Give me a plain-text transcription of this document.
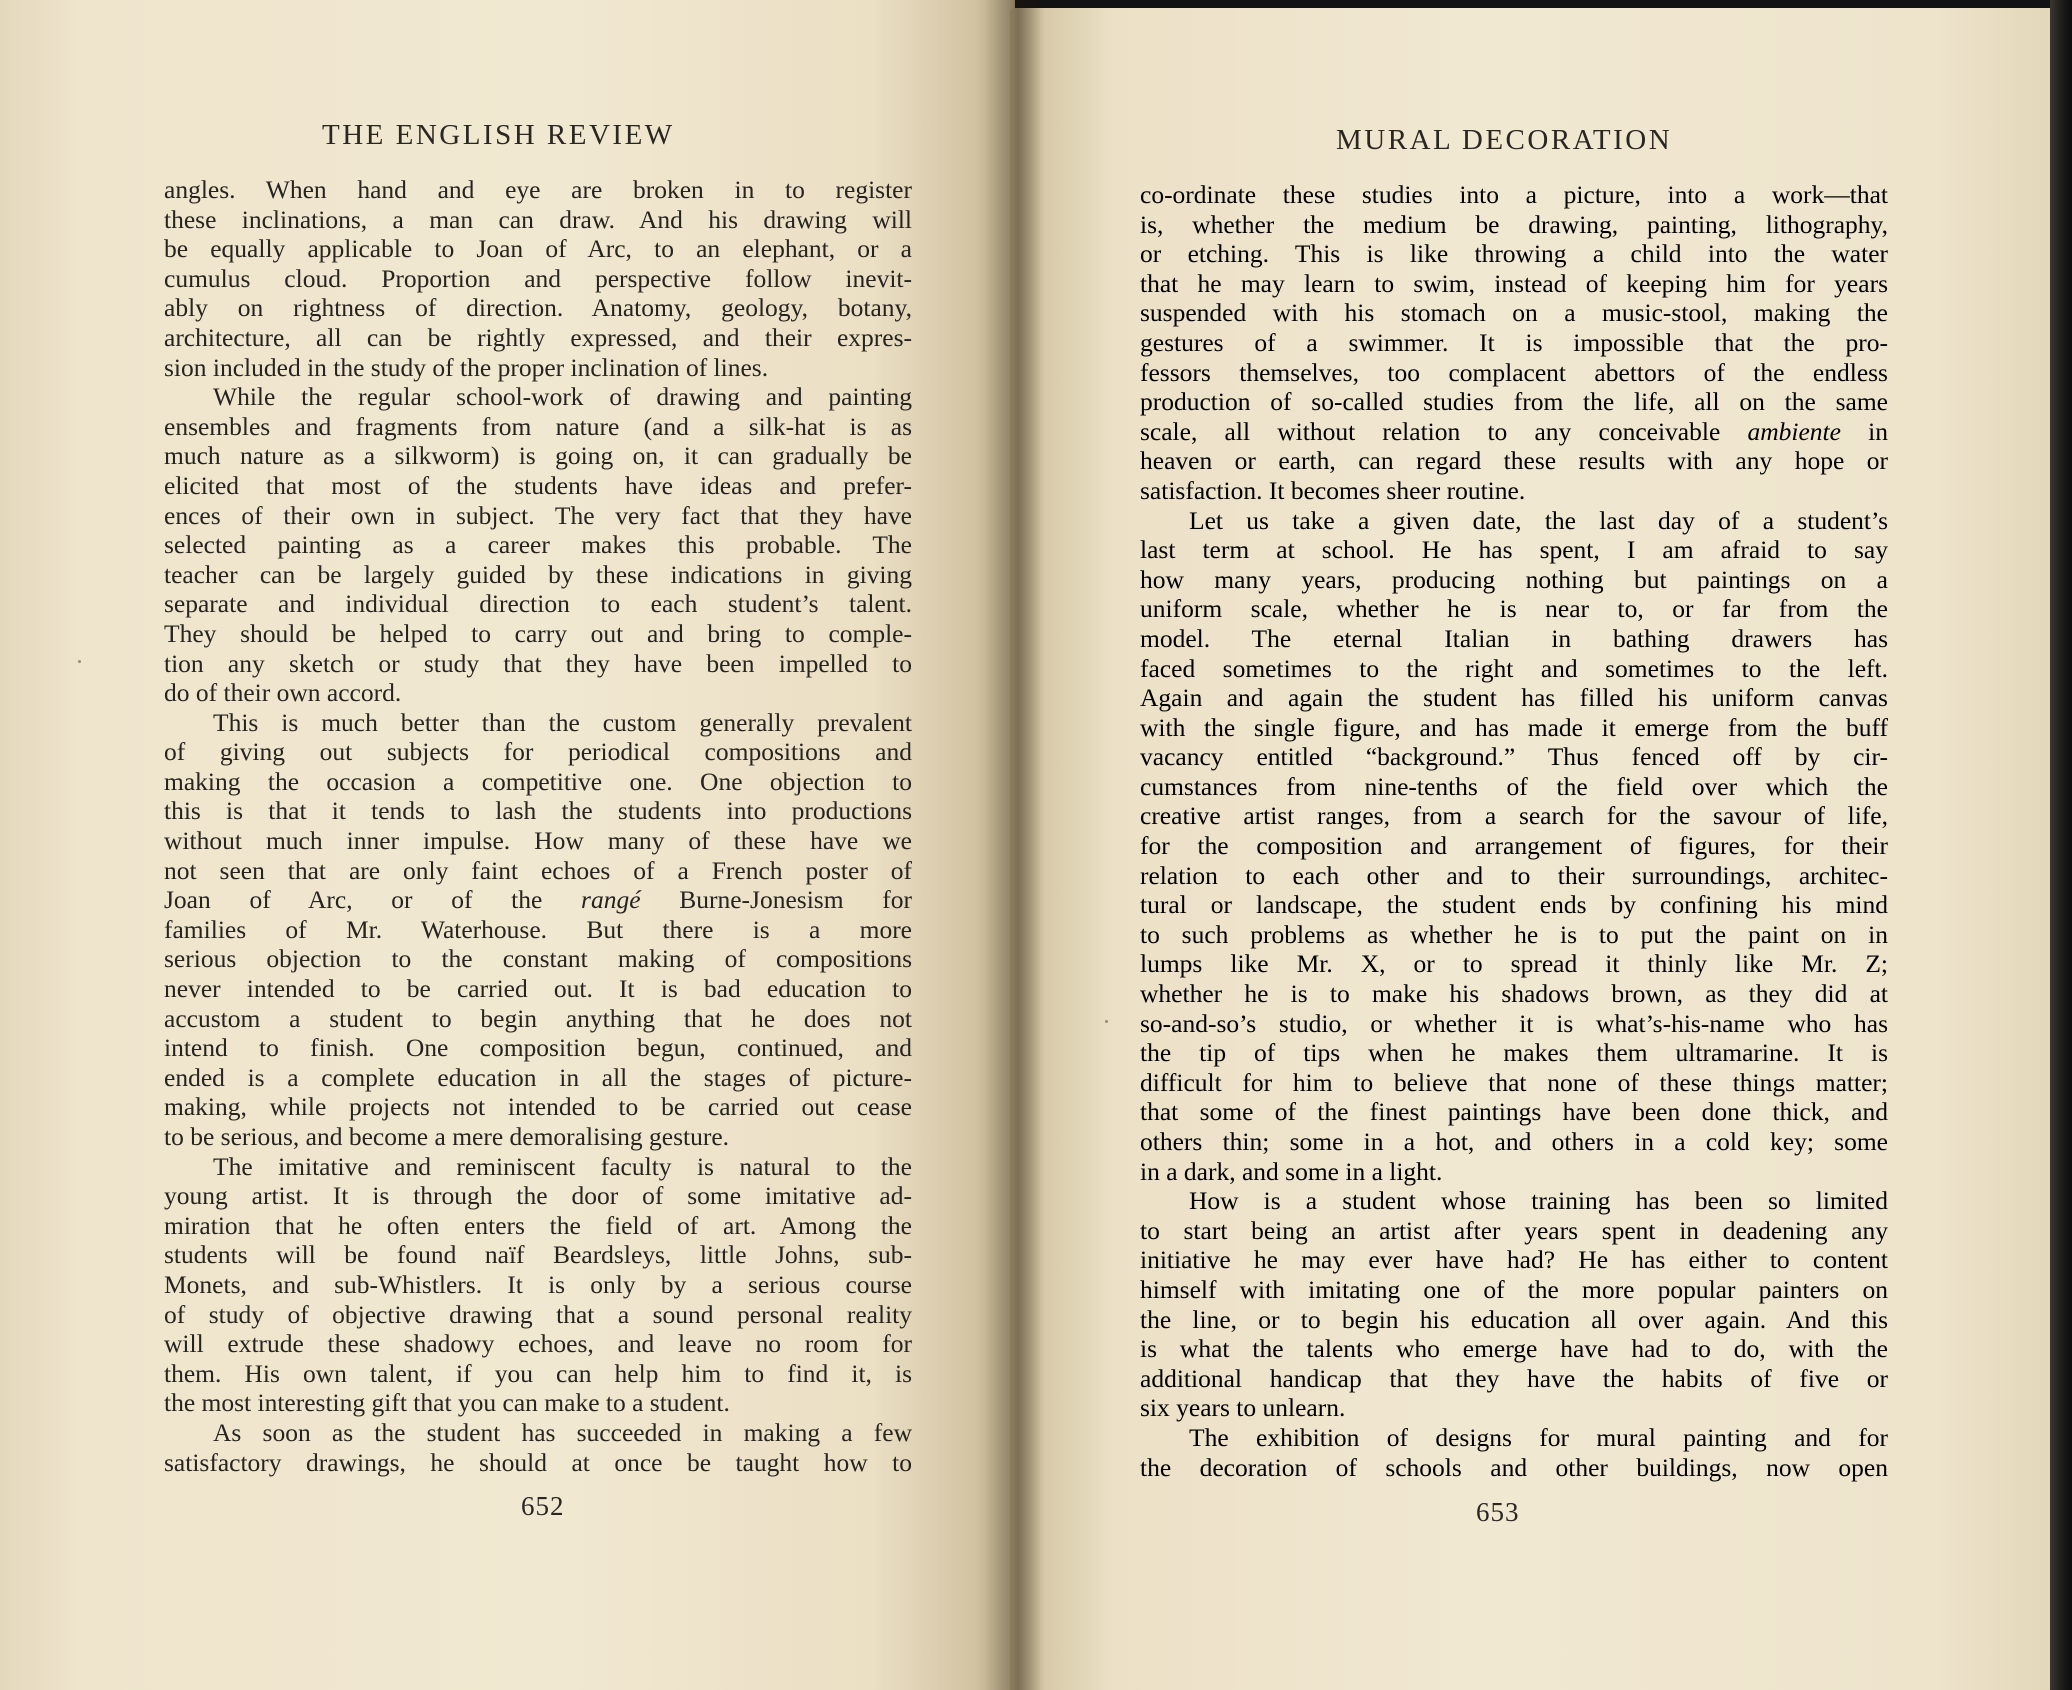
THE ENGLISH REVIEW
angles. When hand and eye are broken in to register
these inclinations, a man can draw. And his drawing will
be equally applicable to Joan of Arc, to an elephant, or a
cumulus cloud. Proportion and perspective follow inevit-
ably on rightness of direction. Anatomy, geology, botany,
architecture, all can be rightly expressed, and their expres-
sion included in the study of the proper inclination of lines.
While the regular school-work of drawing and painting
ensembles and fragments from nature (and a silk-hat is as
much nature as a silkworm) is going on, it can gradually be
elicited that most of the students have ideas and prefer-
ences of their own in subject. The very fact that they have
selected painting as a career makes this probable. The
teacher can be largely guided by these indications in giving
separate and individual direction to each student’s talent.
They should be helped to carry out and bring to comple-
tion any sketch or study that they have been impelled to
do of their own accord.
This is much better than the custom generally prevalent
of giving out subjects for periodical compositions and
making the occasion a competitive one. One objection to
this is that it tends to lash the students into productions
without much inner impulse. How many of these have we
not seen that are only faint echoes of a French poster of
Joan of Arc, or of the rangé Burne-Jonesism for
families of Mr. Waterhouse. But there is a more
serious objection to the constant making of compositions
never intended to be carried out. It is bad education to
accustom a student to begin anything that he does not
intend to finish. One composition begun, continued, and
ended is a complete education in all the stages of picture-
making, while projects not intended to be carried out cease
to be serious, and become a mere demoralising gesture.
The imitative and reminiscent faculty is natural to the
young artist. It is through the door of some imitative ad-
miration that he often enters the field of art. Among the
students will be found naïf Beardsleys, little Johns, sub-
Monets, and sub-Whistlers. It is only by a serious course
of study of objective drawing that a sound personal reality
will extrude these shadowy echoes, and leave no room for
them. His own talent, if you can help him to find it, is
the most interesting gift that you can make to a student.
As soon as the student has succeeded in making a few
satisfactory drawings, he should at once be taught how to
652
MURAL DECORATION
co-ordinate these studies into a picture, into a work—that
is, whether the medium be drawing, painting, lithography,
or etching. This is like throwing a child into the water
that he may learn to swim, instead of keeping him for years
suspended with his stomach on a music-stool, making the
gestures of a swimmer. It is impossible that the pro-
fessors themselves, too complacent abettors of the endless
production of so-called studies from the life, all on the same
scale, all without relation to any conceivable ambiente in
heaven or earth, can regard these results with any hope or
satisfaction. It becomes sheer routine.
Let us take a given date, the last day of a student’s
last term at school. He has spent, I am afraid to say
how many years, producing nothing but paintings on a
uniform scale, whether he is near to, or far from the
model. The eternal Italian in bathing drawers has
faced sometimes to the right and sometimes to the left.
Again and again the student has filled his uniform canvas
with the single figure, and has made it emerge from the buff
vacancy entitled “background.” Thus fenced off by cir-
cumstances from nine-tenths of the field over which the
creative artist ranges, from a search for the savour of life,
for the composition and arrangement of figures, for their
relation to each other and to their surroundings, architec-
tural or landscape, the student ends by confining his mind
to such problems as whether he is to put the paint on in
lumps like Mr. X, or to spread it thinly like Mr. Z;
whether he is to make his shadows brown, as they did at
so-and-so’s studio, or whether it is what’s-his-name who has
the tip of tips when he makes them ultramarine. It is
difficult for him to believe that none of these things matter;
that some of the finest paintings have been done thick, and
others thin; some in a hot, and others in a cold key; some
in a dark, and some in a light.
How is a student whose training has been so limited
to start being an artist after years spent in deadening any
initiative he may ever have had? He has either to content
himself with imitating one of the more popular painters on
the line, or to begin his education all over again. And this
is what the talents who emerge have had to do, with the
additional handicap that they have the habits of five or
six years to unlearn.
The exhibition of designs for mural painting and for
the decoration of schools and other buildings, now open
653
